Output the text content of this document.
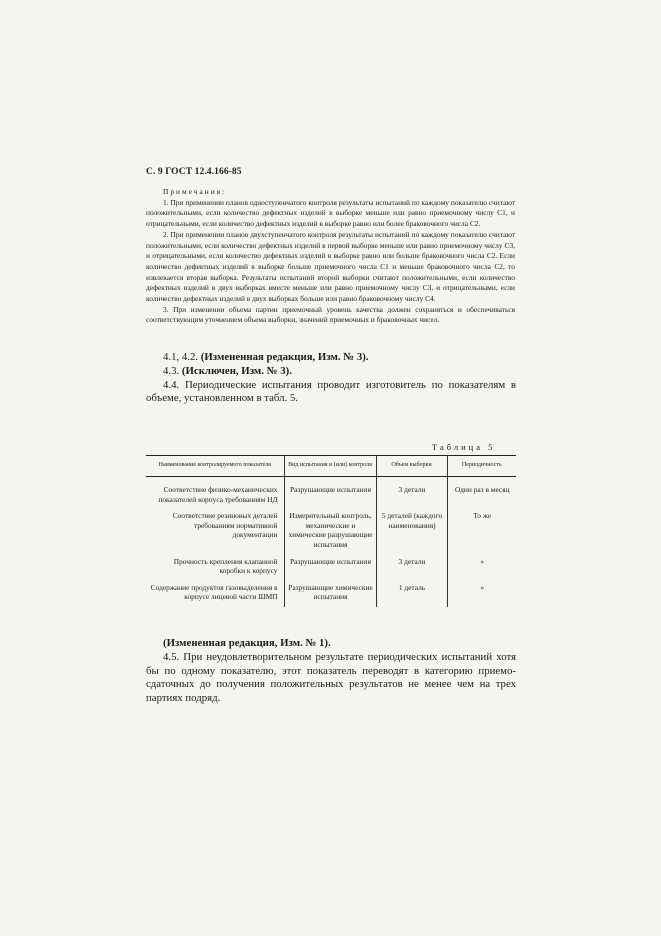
С. 9 ГОСТ 12.4.166-85
Примечания:

1. При применении планов одноступенчатого контроля результаты испытаний по каждому показателю считают положительными, если количество дефектных изделий в выборке меньше или равно приемочному числу C1, и отрицательными, если количество дефектных изделий в выборке равно или более браковочного числа C2.

2. При применении планов двухступенчатого контроля результаты испытаний по каждому показателю считают положительными, если количество дефектных изделий в первой выборке меньше или равно приемочному числу C3, и отрицательными, если количество дефектных изделий в выборке равно или больше браковочного числа C2. Если количество дефектных изделий в выборке больше приемочного числа C1 и меньше браковочного числа C2, то извлекается вторая выборка. Результаты испытаний второй выборки считают положительными, если количество дефектных изделий в двух выборках вместе меньше или равно приемочному числу C3, и отрицательными, если количество дефектных изделий в двух выборках больше или равно браковочному числу C4.

3. При изменении объема партии приемочный уровень качества должен сохраняться и обеспечиваться соответствующим уточнением объема выборки, значений приемочных и браковочных чисел.

4.1, 4.2. (Измененная редакция, Изм. № 3).

4.3. (Исключен, Изм. № 3).

4.4. Периодические испытания проводит изготовитель по показателям в объеме, установленном в табл. 5.

Таблица 5
Наименование контролируемого показателя	Вид испытания и (или) контроля	Объем выборки	Периодичность
Соответствие физико-механических показателей корпуса требованиям НД	Разрушающие испытания	3 детали	Один раз в месяц
Соответствие резиновых деталей требованиям нормативной документации	Измерительный контроль, механические и химические разрушающие испытания	5 деталей (каждого наименования)	То же
Прочность крепления клапанной коробки к корпусу	Разрушающие испытания	3 детали	»
Содержание продуктов газовыделения в корпусе лицевой части ШМП	Разрушающие химические испытания	1 деталь	»

(Измененная редакция, Изм. № 1).

4.5. При неудовлетворительном результате периодических испытаний хотя бы по одному показателю, этот показатель переводят в категорию приемо-сдаточных до получения положительных результатов не менее чем на трех партиях подряд.
